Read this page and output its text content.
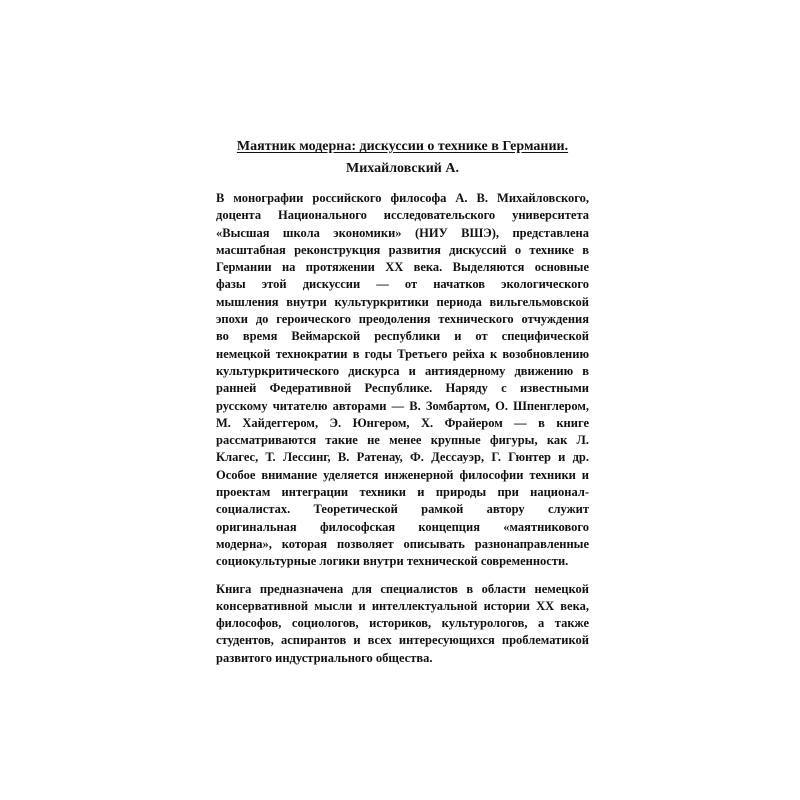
Маятник модерна: дискуссии о технике в Германии.
Михайловский А.

В монографии российского философа А. В. Михайловского,
доцента Национального исследовательского университета
«Высшая школа экономики» (НИУ ВШЭ), представлена
масштабная реконструкция развития дискуссий о технике в
Германии на протяжении XX века. Выделяются основные
фазы этой дискуссии — от начатков экологического
мышления внутри культуркритики периода вильгельмовской
эпохи до героического преодоления технического отчуждения
во время Веймарской республики и от специфической
немецкой технократии в годы Третьего рейха к возобновлению
культуркритического дискурса и антиядерному движению в
ранней Федеративной Республике. Наряду с известными
русскому читателю авторами — В. Зомбартом, О. Шпенглером,
М. Хайдеггером, Э. Юнгером, Х. Фрайером — в книге
рассматриваются такие не менее крупные фигуры, как Л.
Клагес, Т. Лессинг, В. Ратенау, Ф. Дессауэр, Г. Гюнтер и др.
Особое внимание уделяется инженерной философии техники и
проектам интеграции техники и природы при национал-
социалистах. Теоретической рамкой автору служит
оригинальная философская концепция «маятникового
модерна», которая позволяет описывать разнонаправленные
социокультурные логики внутри технической современности.

Книга предназначена для специалистов в области немецкой
консервативной мысли и интеллектуальной истории XX века,
философов, социологов, историков, культурологов, а также
студентов, аспирантов и всех интересующихся проблематикой
развитого индустриального общества.
